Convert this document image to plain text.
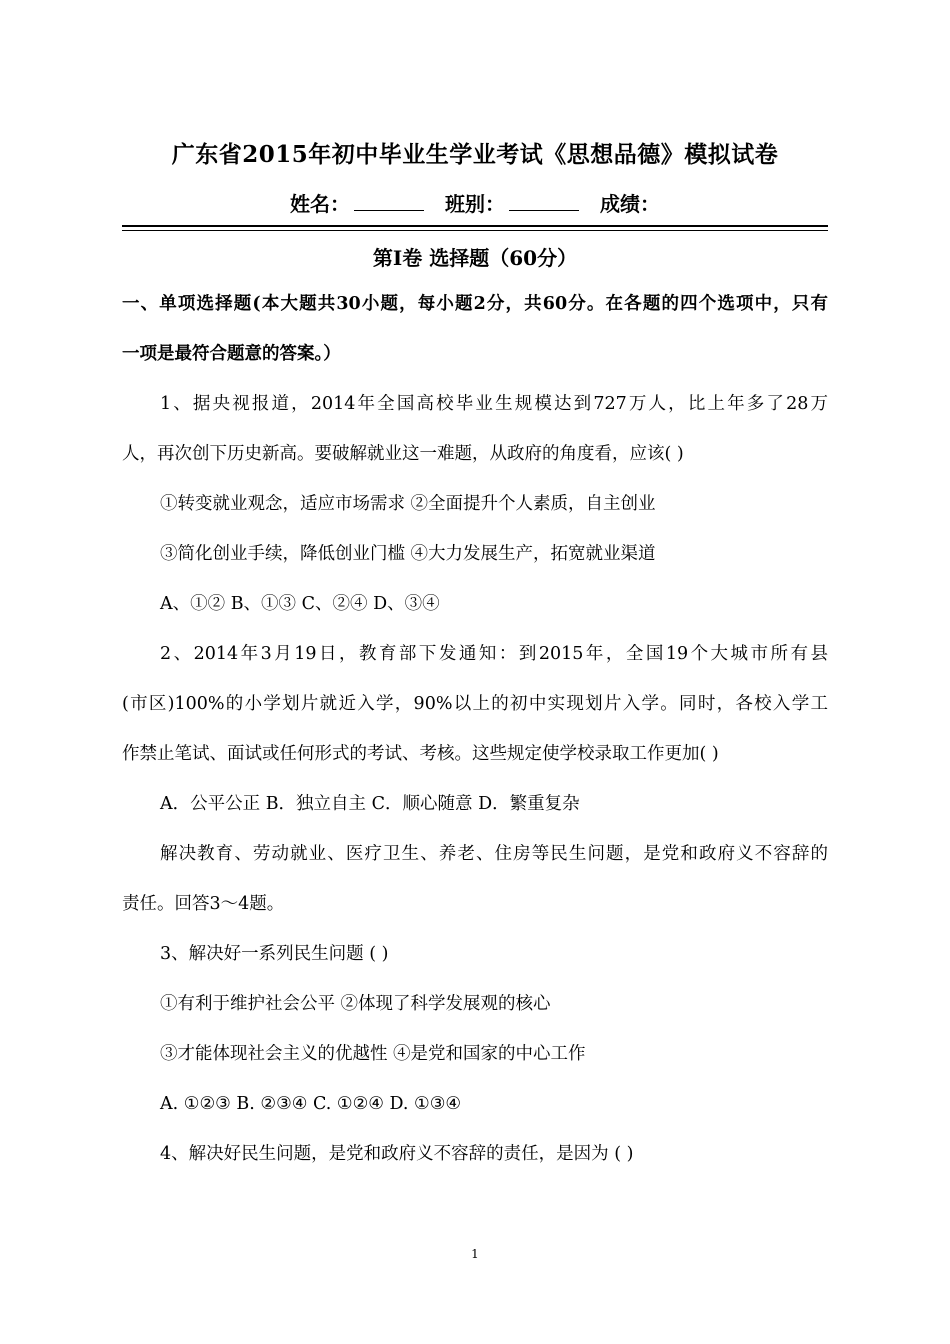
广东省2015年初中毕业生学业考试《思想品德》模拟试卷
姓名：	班别：	成绩：
第Ⅰ卷 选择题（60分）
一、单项选择题(本大题共30小题，每小题2分，共60分。在各题的四个选项中，只有
一项是最符合题意的答案。）
1、据央视报道，2014年全国高校毕业生规模达到727万人，比上年多了28万
人，再次创下历史新高。要破解就业这一难题，从政府的角度看，应该( )
①转变就业观念，适应市场需求 ②全面提升个人素质，自主创业
③简化创业手续，降低创业门槛 ④大力发展生产，拓宽就业渠道
A、①② B、①③ C、②④ D、③④
2、2014年3月19日，教育部下发通知：到2015年，全国19个大城市所有县
(市区)100%的小学划片就近入学，90%以上的初中实现划片入学。同时，各校入学工
作禁止笔试、面试或任何形式的考试、考核。这些规定使学校录取工作更加( )
A．公平公正 B．独立自主 C．顺心随意 D．繁重复杂
解决教育、劳动就业、医疗卫生、养老、住房等民生问题，是党和政府义不容辞的
责任。回答3～4题。
3、解决好一系列民生问题 ( )
①有利于维护社会公平 ②体现了科学发展观的核心
③才能体现社会主义的优越性 ④是党和国家的中心工作
A. ①②③ B. ②③④ C. ①②④ D. ①③④
4、解决好民生问题，是党和政府义不容辞的责任，是因为 ( )
1
